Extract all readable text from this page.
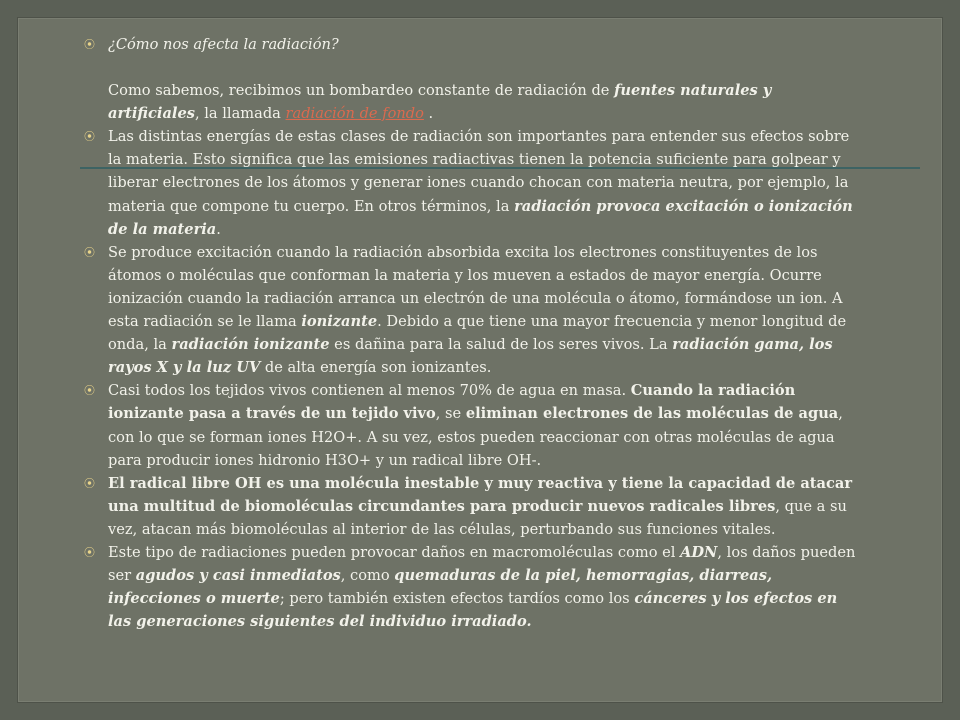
⦿ ¿Cómo nos afecta la radiación?
Como sabemos, recibimos un bombardeo constante de radiación de fuentes naturales y artificiales, la llamada radiación de fondo .
⦿ Las distintas energías de estas clases de radiación son importantes para entender sus efectos sobre la materia. Esto significa que las emisiones radiactivas tienen la potencia suficiente para golpear y liberar electrones de los átomos y generar iones cuando chocan con materia neutra, por ejemplo, la materia que compone tu cuerpo. En otros términos, la radiación provoca excitación o ionización de la materia.
⦿ Se produce excitación cuando la radiación absorbida excita los electrones constituyentes de los átomos o moléculas que conforman la materia y los mueven a estados de mayor energía. Ocurre ionización cuando la radiación arranca un electrón de una molécula o átomo, formándose un ion. A esta radiación se le llama ionizante. Debido a que tiene una mayor frecuencia y menor longitud de onda, la radiación ionizante es dañina para la salud de los seres vivos. La radiación gama, los rayos X y la luz UV de alta energía son ionizantes.
⦿ Casi todos los tejidos vivos contienen al menos 70% de agua en masa. Cuando la radiación ionizante pasa a través de un tejido vivo, se eliminan electrones de las moléculas de agua, con lo que se forman iones H2O+. A su vez, estos pueden reaccionar con otras moléculas de agua para producir iones hidronio H3O+ y un radical libre OH-.
⦿ El radical libre OH es una molécula inestable y muy reactiva y tiene la capacidad de atacar una multitud de biomoléculas circundantes para producir nuevos radicales libres, que a su vez, atacan más biomoléculas al interior de las células, perturbando sus funciones vitales.
⦿ Este tipo de radiaciones pueden provocar daños en macromoléculas como el ADN, los daños pueden ser agudos y casi inmediatos, como quemaduras de la piel, hemorragias, diarreas, infecciones o muerte; pero también existen efectos tardíos como los cánceres y los efectos en las generaciones siguientes del individuo irradiado.
